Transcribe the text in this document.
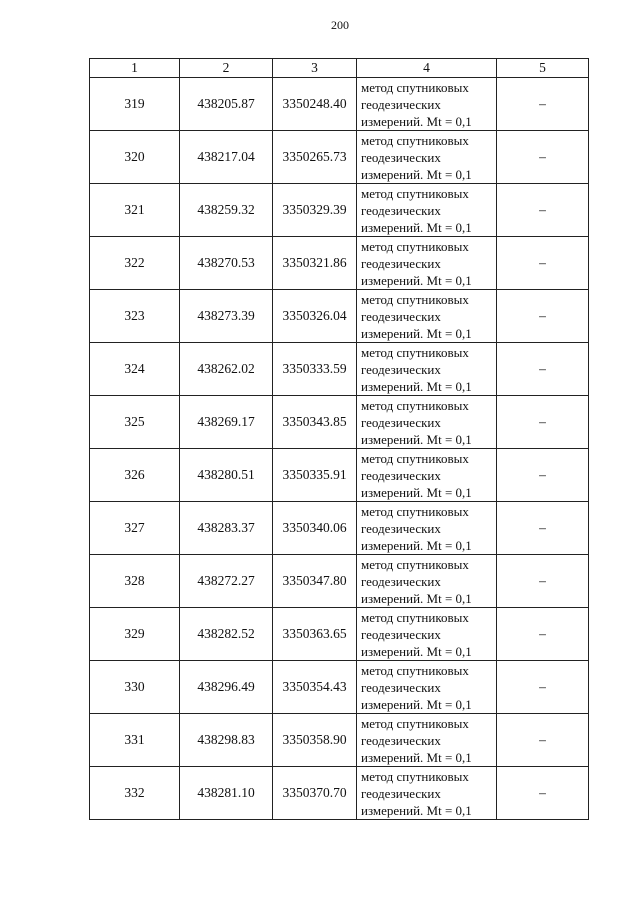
200
1	2	3	4	5
319	438205.87	3350248.40	метод спутниковых
геодезических
измерений. Mt = 0,1	–
320	438217.04	3350265.73	метод спутниковых
геодезических
измерений. Mt = 0,1	–
321	438259.32	3350329.39	метод спутниковых
геодезических
измерений. Mt = 0,1	–
322	438270.53	3350321.86	метод спутниковых
геодезических
измерений. Mt = 0,1	–
323	438273.39	3350326.04	метод спутниковых
геодезических
измерений. Mt = 0,1	–
324	438262.02	3350333.59	метод спутниковых
геодезических
измерений. Mt = 0,1	–
325	438269.17	3350343.85	метод спутниковых
геодезических
измерений. Mt = 0,1	–
326	438280.51	3350335.91	метод спутниковых
геодезических
измерений. Mt = 0,1	–
327	438283.37	3350340.06	метод спутниковых
геодезических
измерений. Mt = 0,1	–
328	438272.27	3350347.80	метод спутниковых
геодезических
измерений. Mt = 0,1	–
329	438282.52	3350363.65	метод спутниковых
геодезических
измерений. Mt = 0,1	–
330	438296.49	3350354.43	метод спутниковых
геодезических
измерений. Mt = 0,1	–
331	438298.83	3350358.90	метод спутниковых
геодезических
измерений. Mt = 0,1	–
332	438281.10	3350370.70	метод спутниковых
геодезических
измерений. Mt = 0,1	–
